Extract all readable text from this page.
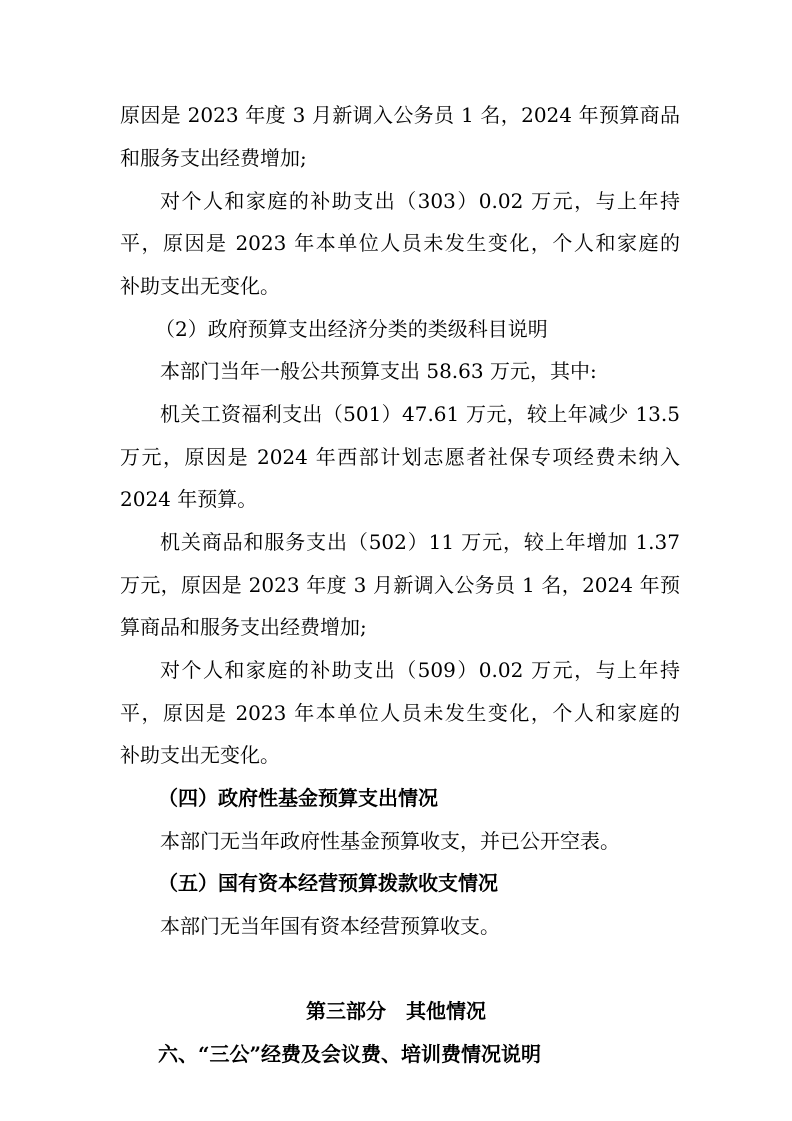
原因是 2023 年度 3 月新调入公务员 1 名，2024 年预算商品
和服务支出经费增加;
对个人和家庭的补助支出（303）0.02 万元，与上年持
平，原因是 2023 年本单位人员未发生变化，个人和家庭的
补助支出无变化。
（2）政府预算支出经济分类的类级科目说明
本部门当年一般公共预算支出 58.63 万元，其中:
机关工资福利支出（501）47.61 万元，较上年减少 13.5
万元，原因是 2024 年西部计划志愿者社保专项经费未纳入
2024 年预算。
机关商品和服务支出（502）11 万元，较上年增加 1.37
万元，原因是 2023 年度 3 月新调入公务员 1 名，2024 年预
算商品和服务支出经费增加;
对个人和家庭的补助支出（509）0.02 万元，与上年持
平，原因是 2023 年本单位人员未发生变化，个人和家庭的
补助支出无变化。
（四）政府性基金预算支出情况
本部门无当年政府性基金预算收支，并已公开空表。
（五）国有资本经营预算拨款收支情况
本部门无当年国有资本经营预算收支。
第三部分　其他情况
六、“三公”经费及会议费、培训费情况说明
